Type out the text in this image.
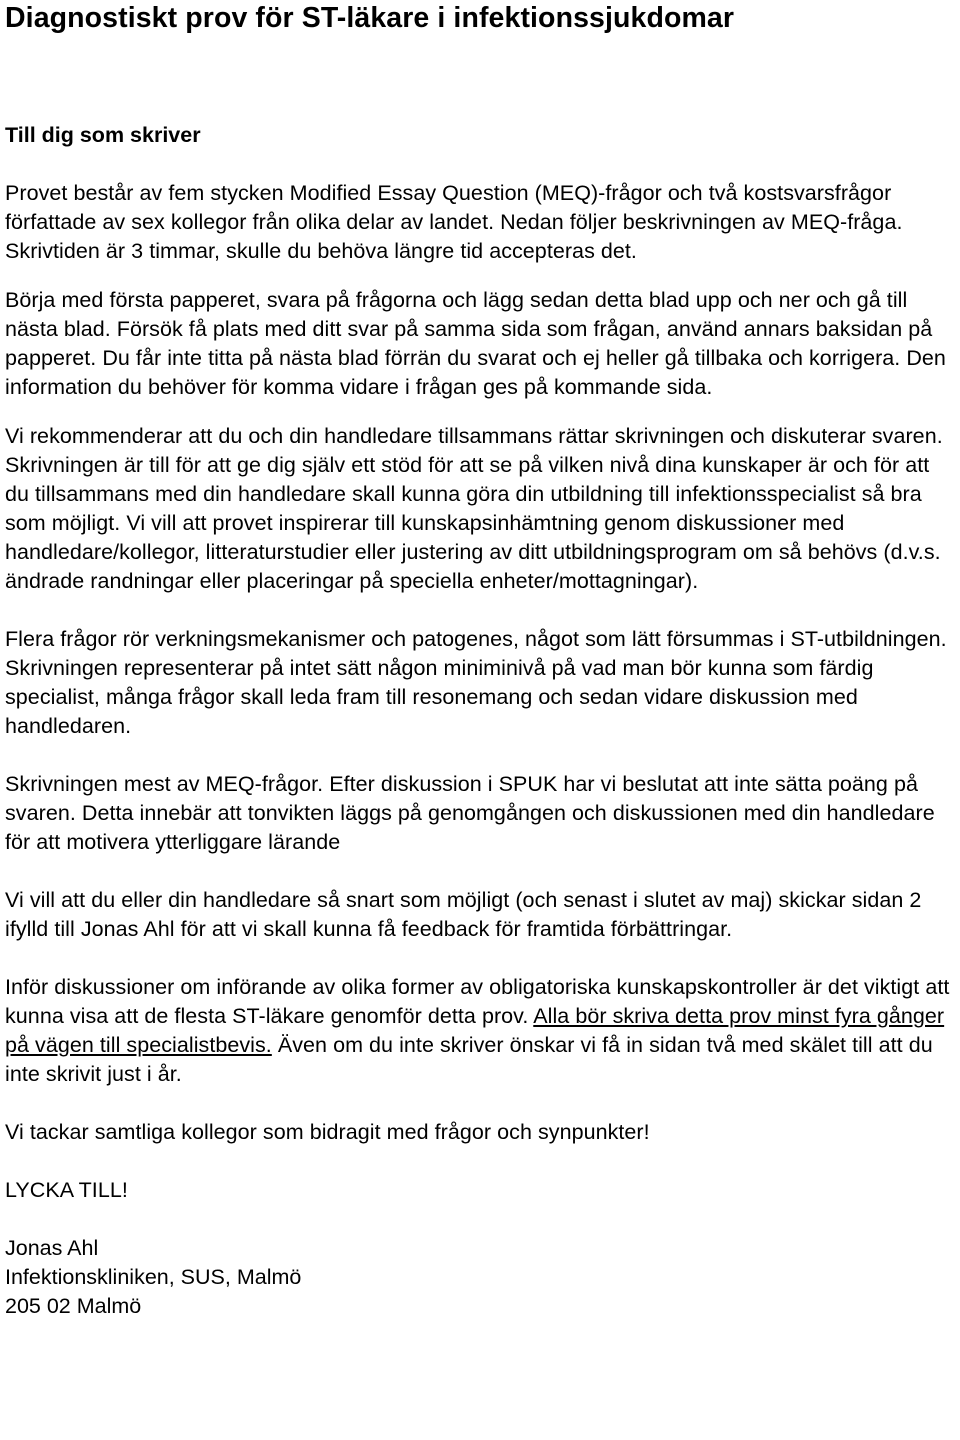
Diagnostiskt prov för ST-läkare i infektionssjukdomar
Till dig som skriver

Provet består av fem stycken Modified Essay Question (MEQ)-frågor och två kostsvarsfrågor författade av sex kollegor från olika delar av landet. Nedan följer beskrivningen av MEQ-fråga. Skrivtiden är 3 timmar, skulle du behöva längre tid accepteras det.

Börja med första papperet, svara på frågorna och lägg sedan detta blad upp och ner och gå till nästa blad. Försök få plats med ditt svar på samma sida som frågan, använd annars baksidan på papperet. Du får inte titta på nästa blad förrän du svarat och ej heller gå tillbaka och korrigera. Den information du behöver för komma vidare i frågan ges på kommande sida.

Vi rekommenderar att du och din handledare tillsammans rättar skrivningen och diskuterar svaren. Skrivningen är till för att ge dig själv ett stöd för att se på vilken nivå dina kunskaper är och för att du tillsammans med din handledare skall kunna göra din utbildning till infektionsspecialist så bra som möjligt. Vi vill att provet inspirerar till kunskapsinhämtning genom diskussioner med handledare/kollegor, litteraturstudier eller justering av ditt utbildningsprogram om så behövs (d.v.s. ändrade randningar eller placeringar på speciella enheter/mottagningar).

Flera frågor rör verkningsmekanismer och patogenes, något som lätt försummas i ST-utbildningen. Skrivningen representerar på intet sätt någon miniminivå på vad man bör kunna som färdig specialist, många frågor skall leda fram till resonemang och sedan vidare diskussion med handledaren.

Skrivningen mest av MEQ-frågor. Efter diskussion i SPUK har vi beslutat att inte sätta poäng på svaren. Detta innebär att tonvikten läggs på genomgången och diskussionen med din handledare för att motivera ytterliggare lärande

Vi vill att du eller din handledare så snart som möjligt (och senast i slutet av maj) skickar sidan 2 ifylld till Jonas Ahl för att vi skall kunna få feedback för framtida förbättringar.

Inför diskussioner om införande av olika former av obligatoriska kunskapskontroller är det viktigt att kunna visa att de flesta ST-läkare genomför detta prov. Alla bör skriva detta prov minst fyra gånger på vägen till specialistbevis. Även om du inte skriver önskar vi få in sidan två med skälet till att du inte skrivit just i år.

Vi tackar samtliga kollegor som bidragit med frågor och synpunkter!

LYCKA TILL!

Jonas Ahl
Infektionskliniken, SUS, Malmö
205 02 Malmö
